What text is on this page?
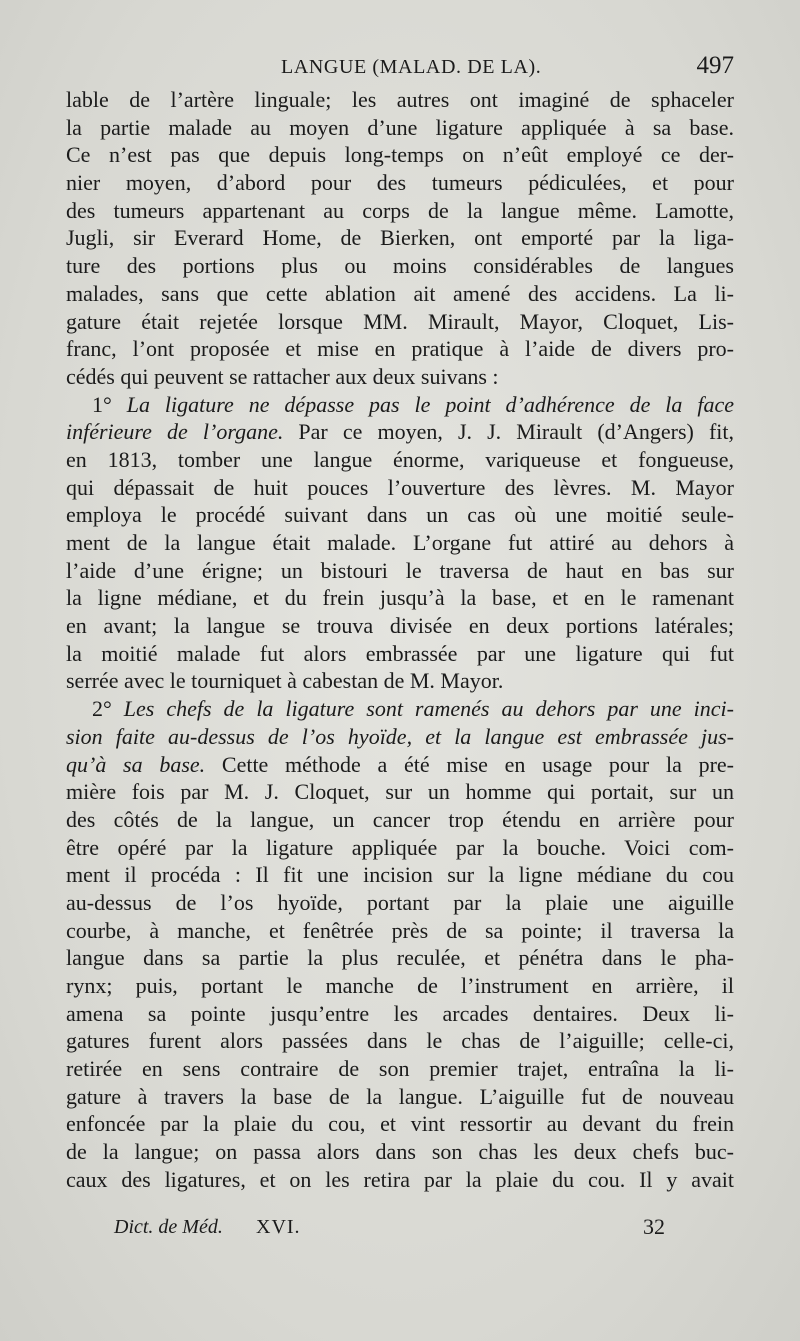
LANGUE (MALAD. DE LA).	497
lable de l’artère linguale; les autres ont imaginé de sphaceler
la partie malade au moyen d’une ligature appliquée à sa base.
Ce n’est pas que depuis long-temps on n’eût employé ce der-
nier moyen, d’abord pour des tumeurs pédiculées, et pour
des tumeurs appartenant au corps de la langue même. Lamotte,
Jugli, sir Everard Home, de Bierken, ont emporté par la liga-
ture des portions plus ou moins considérables de langues
malades, sans que cette ablation ait amené des accidens. La li-
gature était rejetée lorsque MM. Mirault, Mayor, Cloquet, Lis-
franc, l’ont proposée et mise en pratique à l’aide de divers pro-
cédés qui peuvent se rattacher aux deux suivans :
1° La ligature ne dépasse pas le point d’adhérence de la face
inférieure de l’organe. Par ce moyen, J. J. Mirault (d’Angers) fit,
en 1813, tomber une langue énorme, variqueuse et fongueuse,
qui dépassait de huit pouces l’ouverture des lèvres. M. Mayor
employa le procédé suivant dans un cas où une moitié seule-
ment de la langue était malade. L’organe fut attiré au dehors à
l’aide d’une érigne; un bistouri le traversa de haut en bas sur
la ligne médiane, et du frein jusqu’à la base, et en le ramenant
en avant; la langue se trouva divisée en deux portions latérales;
la moitié malade fut alors embrassée par une ligature qui fut
serrée avec le tourniquet à cabestan de M. Mayor.
2° Les chefs de la ligature sont ramenés au dehors par une inci-
sion faite au-dessus de l’os hyoïde, et la langue est embrassée jus-
qu’à sa base. Cette méthode a été mise en usage pour la pre-
mière fois par M. J. Cloquet, sur un homme qui portait, sur un
des côtés de la langue, un cancer trop étendu en arrière pour
être opéré par la ligature appliquée par la bouche. Voici com-
ment il procéda : Il fit une incision sur la ligne médiane du cou
au-dessus de l’os hyoïde, portant par la plaie une aiguille
courbe, à manche, et fenêtrée près de sa pointe; il traversa la
langue dans sa partie la plus reculée, et pénétra dans le pha-
rynx; puis, portant le manche de l’instrument en arrière, il
amena sa pointe jusqu’entre les arcades dentaires. Deux li-
gatures furent alors passées dans le chas de l’aiguille; celle-ci,
retirée en sens contraire de son premier trajet, entraîna la li-
gature à travers la base de la langue. L’aiguille fut de nouveau
enfoncée par la plaie du cou, et vint ressortir au devant du frein
de la langue; on passa alors dans son chas les deux chefs buc-
caux des ligatures, et on les retira par la plaie du cou. Il y avait
Dict. de Méd. XVI.	32
